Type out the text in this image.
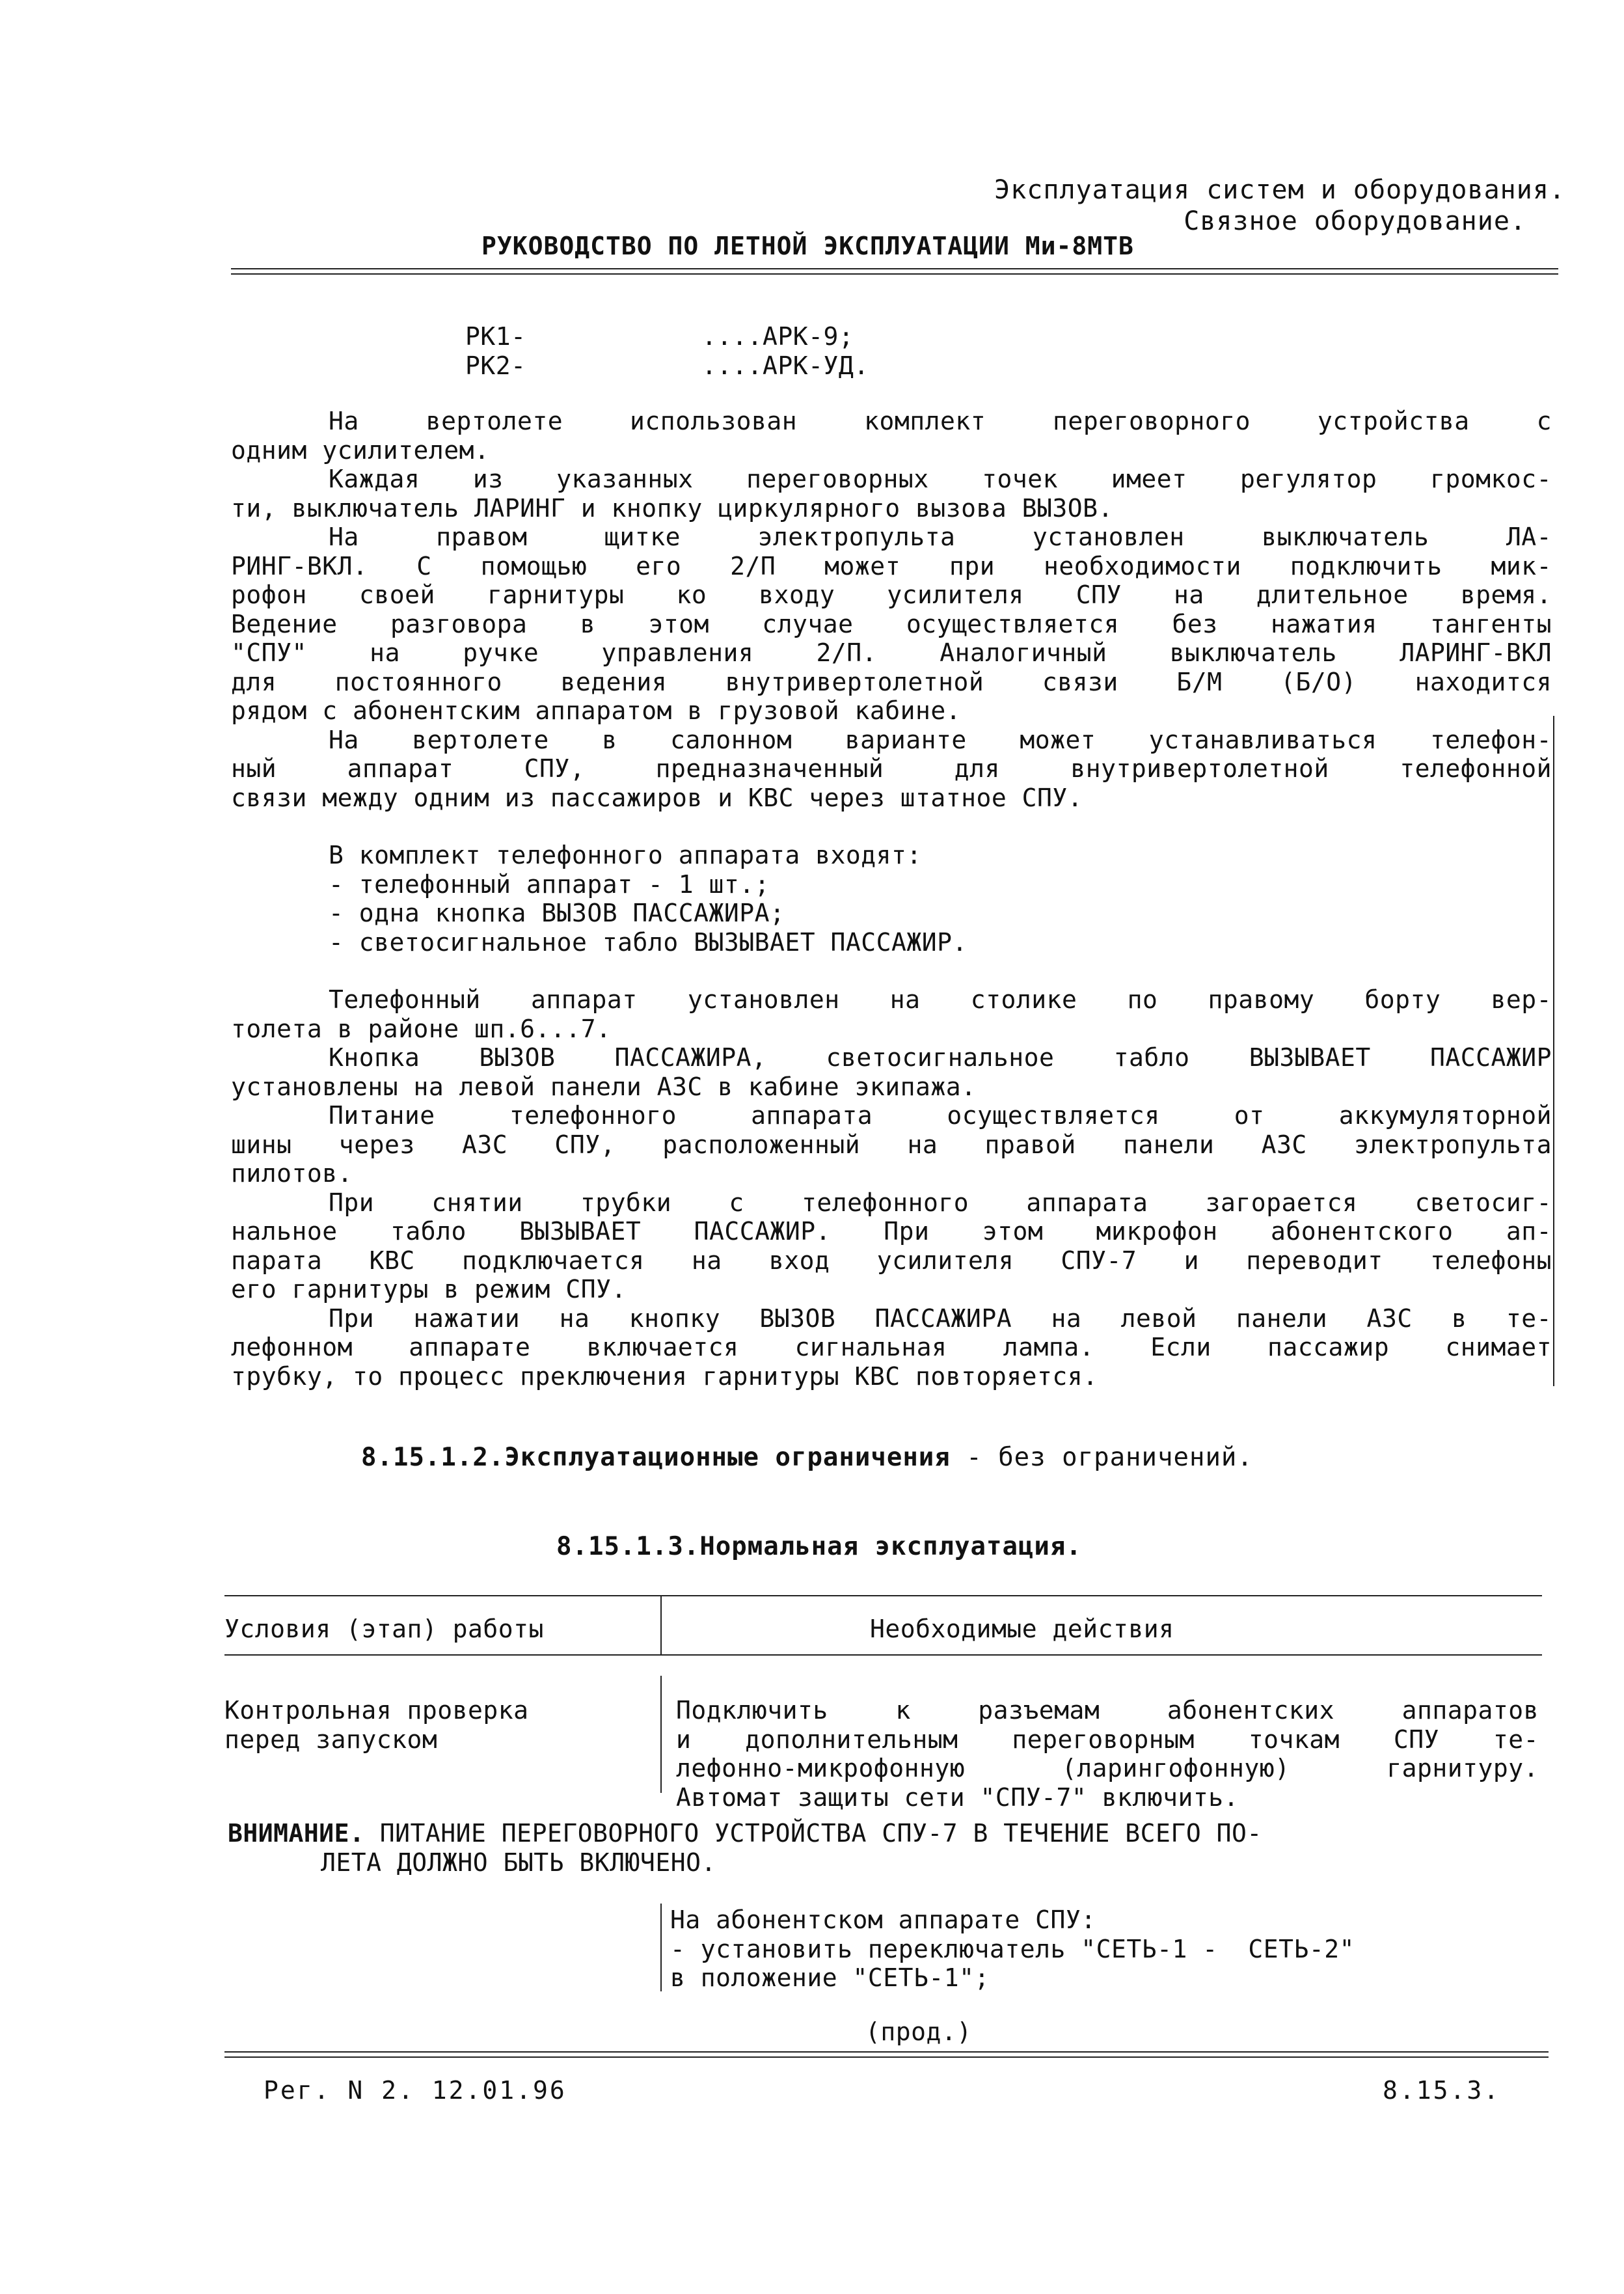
Эксплуатация систем и оборудования.
Связное оборудование.
РУКОВОДСТВО ПО ЛЕТНОЙ ЭКСПЛУАТАЦИИ Ми-8МТВ
РК1-	....АРК-9;
РК2-	....АРК-УД.
На вертолете использован комплект переговорного устройства с
одним усилителем.
Каждая из указанных переговорных точек имеет регулятор громкос-
ти, выключатель ЛАРИНГ и кнопку циркулярного вызова ВЫЗОВ.
На правом щитке электропульта установлен выключатель ЛА-
РИНГ-ВКЛ. С помощью его 2/П может при необходимости подключить мик-
рофон своей гарнитуры ко входу усилителя СПУ на длительное время.
Ведение разговора в этом случае осуществляется без нажатия тангенты
"СПУ" на ручке управления 2/П. Аналогичный выключатель ЛАРИНГ-ВКЛ
для постоянного ведения внутривертолетной связи Б/М (Б/О) находится
рядом с абонентским аппаратом в грузовой кабине.
На вертолете в салонном варианте может устанавливаться телефон-
ный аппарат СПУ, предназначенный для внутривертолетной телефонной
связи между одним из пассажиров и КВС через штатное СПУ.
В комплект телефонного аппарата входят:
- телефонный аппарат - 1 шт.;
- одна кнопка ВЫЗОВ ПАССАЖИРА;
- светосигнальное табло ВЫЗЫВАЕТ ПАССАЖИР.
Телефонный аппарат установлен на столике по правому борту вер-
толета в районе шп.6...7.
Кнопка ВЫЗОВ ПАССАЖИРА, светосигнальное табло ВЫЗЫВАЕТ ПАССАЖИР
установлены на левой панели АЗС в кабине экипажа.
Питание телефонного аппарата осуществляется от аккумуляторной
шины через АЗС СПУ, расположенный на правой панели АЗС электропульта
пилотов.
При снятии трубки с телефонного аппарата загорается светосиг-
нальное табло ВЫЗЫВАЕТ ПАССАЖИР. При этом микрофон абонентского ап-
парата КВС подключается на вход усилителя СПУ-7 и переводит телефоны
его гарнитуры в режим СПУ.
При нажатии на кнопку ВЫЗОВ ПАССАЖИРА на левой панели АЗС в те-
лефонном аппарате включается сигнальная лампа. Если пассажир снимает
трубку, то процесс преключения гарнитуры КВС повторяется.
8.15.1.2.Эксплуатационные ограничения - без ограничений.
8.15.1.3.Нормальная эксплуатация.
Условия (этап) работы	Необходимые действия

Контрольная проверка
перед запуском	Подключить к разъемам абонентских аппаратов
и дополнительным переговорным точкам СПУ те-
лефонно-микрофонную (ларингофонную) гарнитуру.
Автомат защиты сети "СПУ-7" включить.
ВНИМАНИЕ. ПИТАНИЕ ПЕРЕГОВОРНОГО УСТРОЙСТВА СПУ-7 В ТЕЧЕНИЕ ВСЕГО ПО-
ЛЕТА ДОЛЖНО БЫТЬ ВКЛЮЧЕНО.
На абонентском аппарате СПУ:
- установить переключатель "СЕТЬ-1 -  СЕТЬ-2"
в положение "СЕТЬ-1";
(прод.)
Рег. N 2. 12.01.96	8.15.3.
